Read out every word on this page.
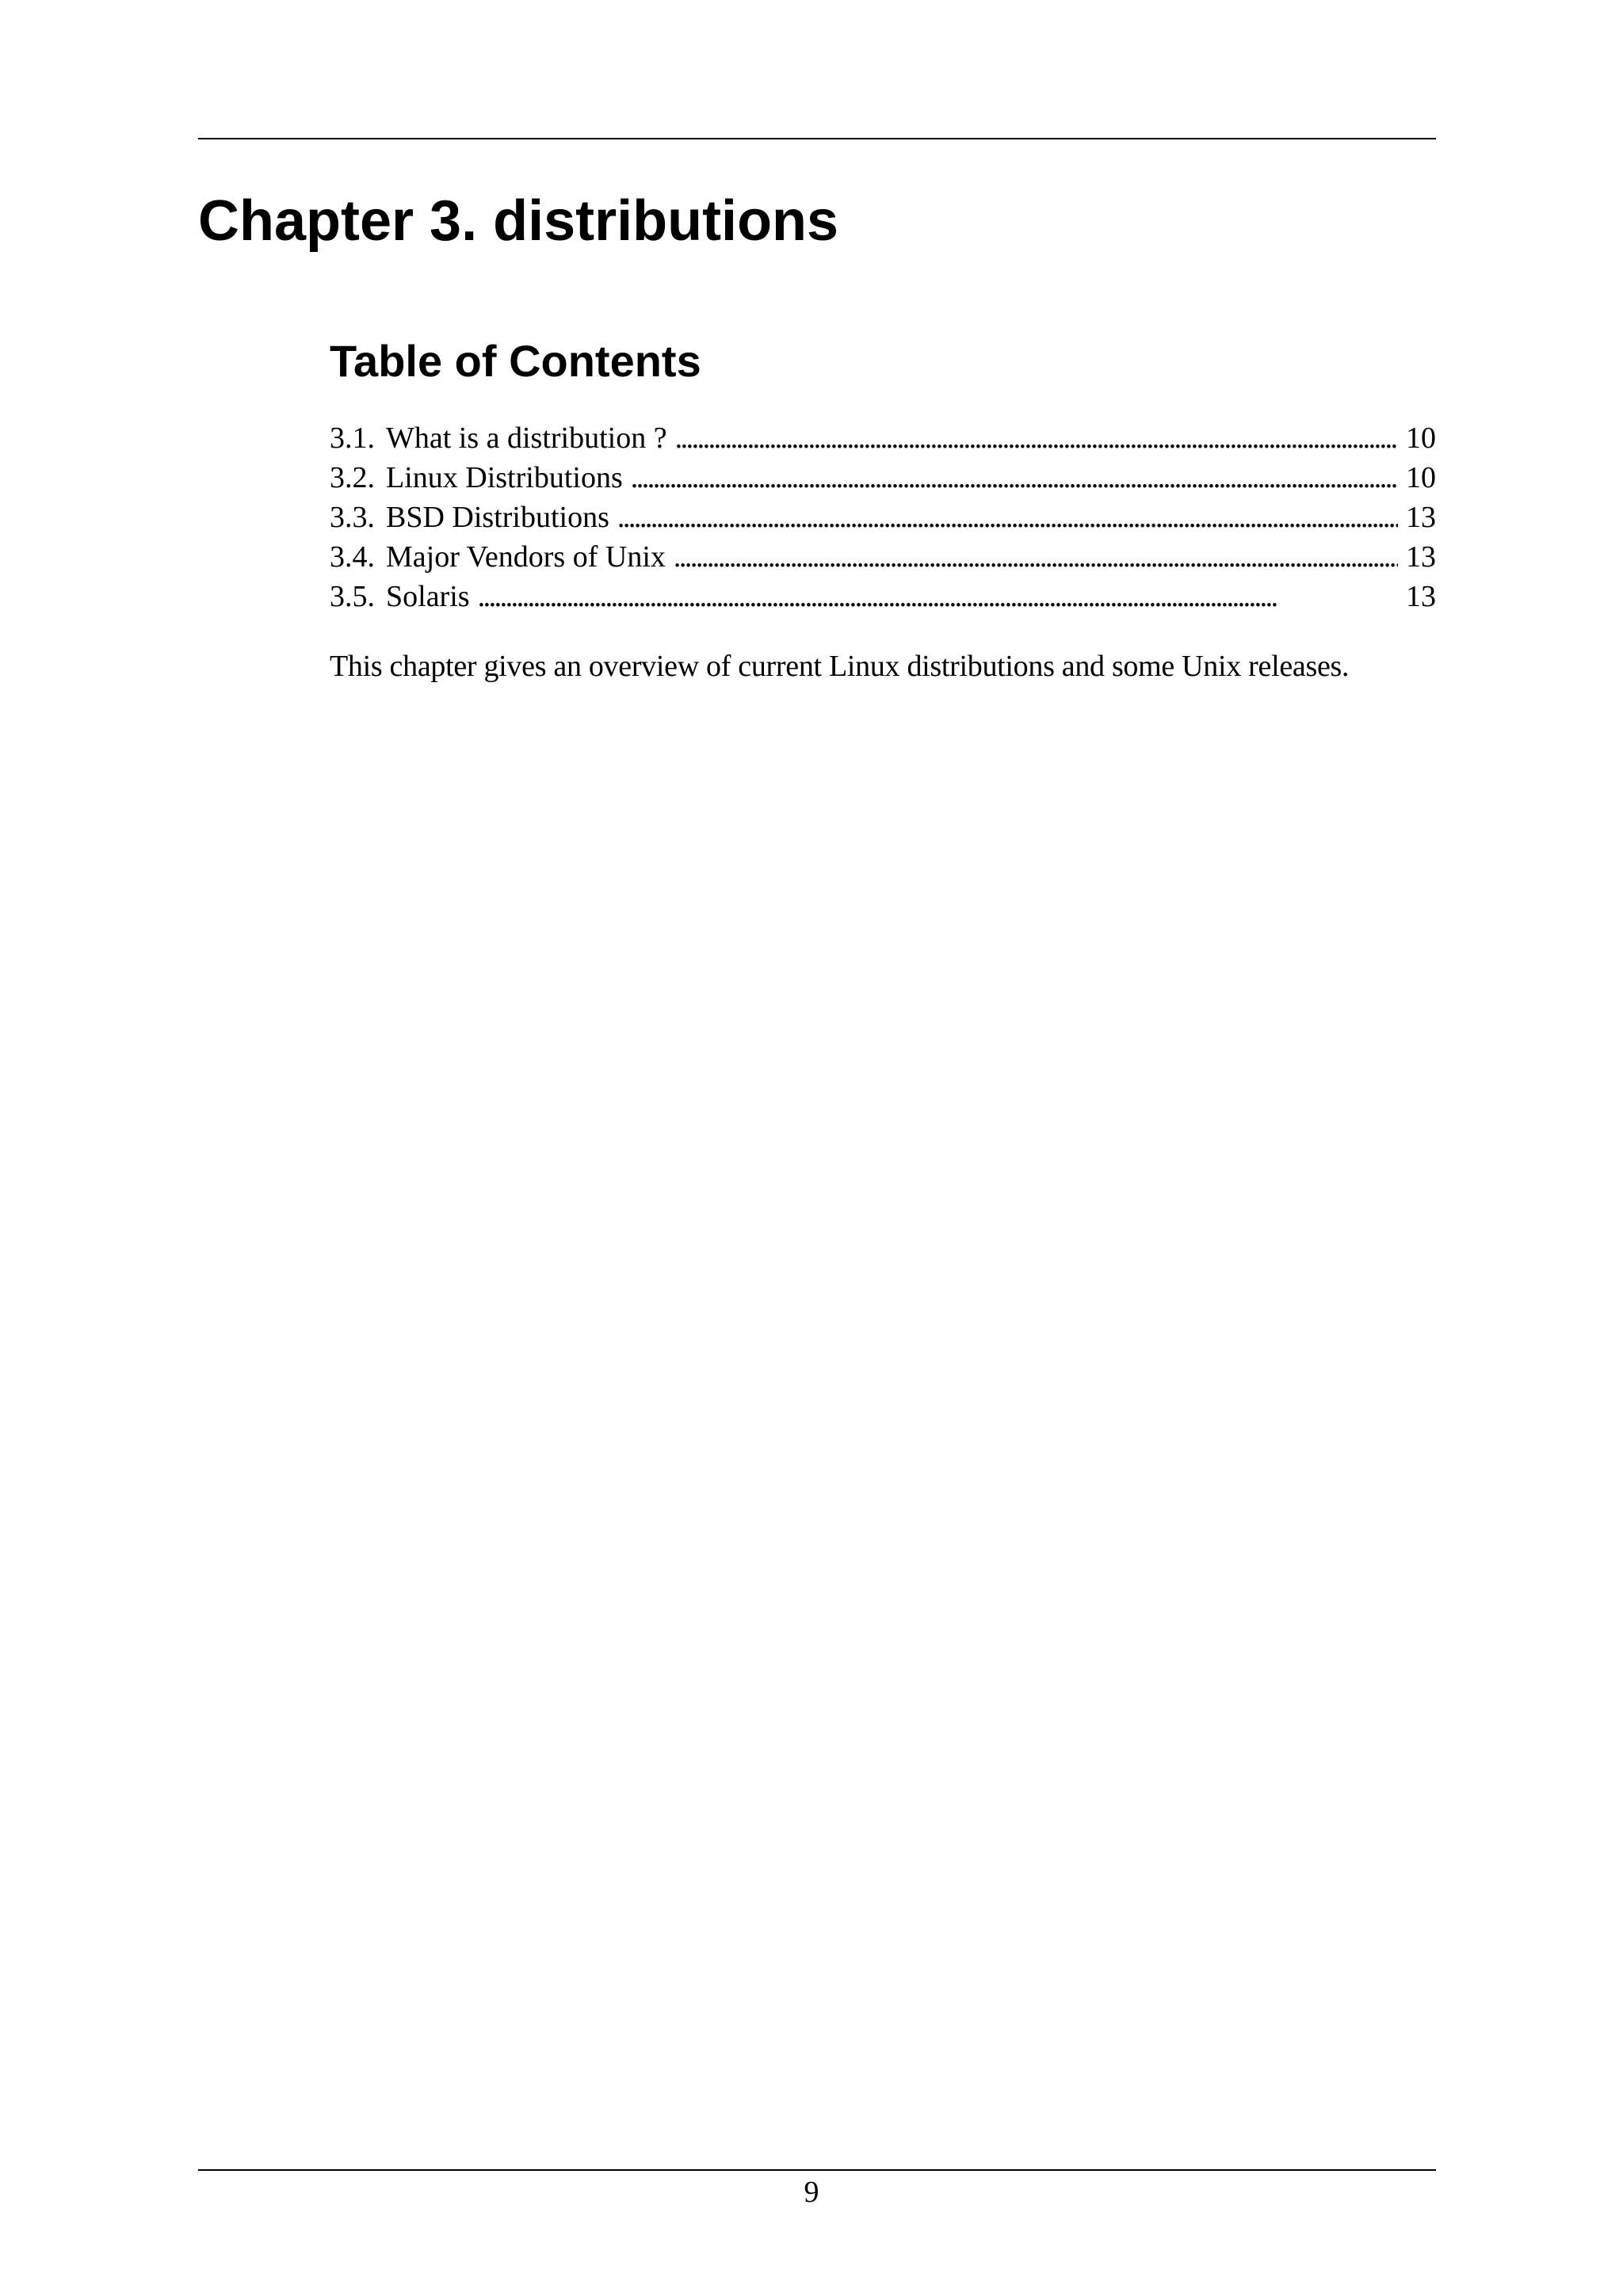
Chapter 3. distributions
Table of Contents
3.1. What is a distribution ? . . .	10
3.2. Linux Distributions . . .	10
3.3. BSD Distributions . . .	13
3.4. Major Vendors of Unix . . .	13
3.5. Solaris . . .	13

This chapter gives an overview of current Linux distributions and some Unix releases.

9
